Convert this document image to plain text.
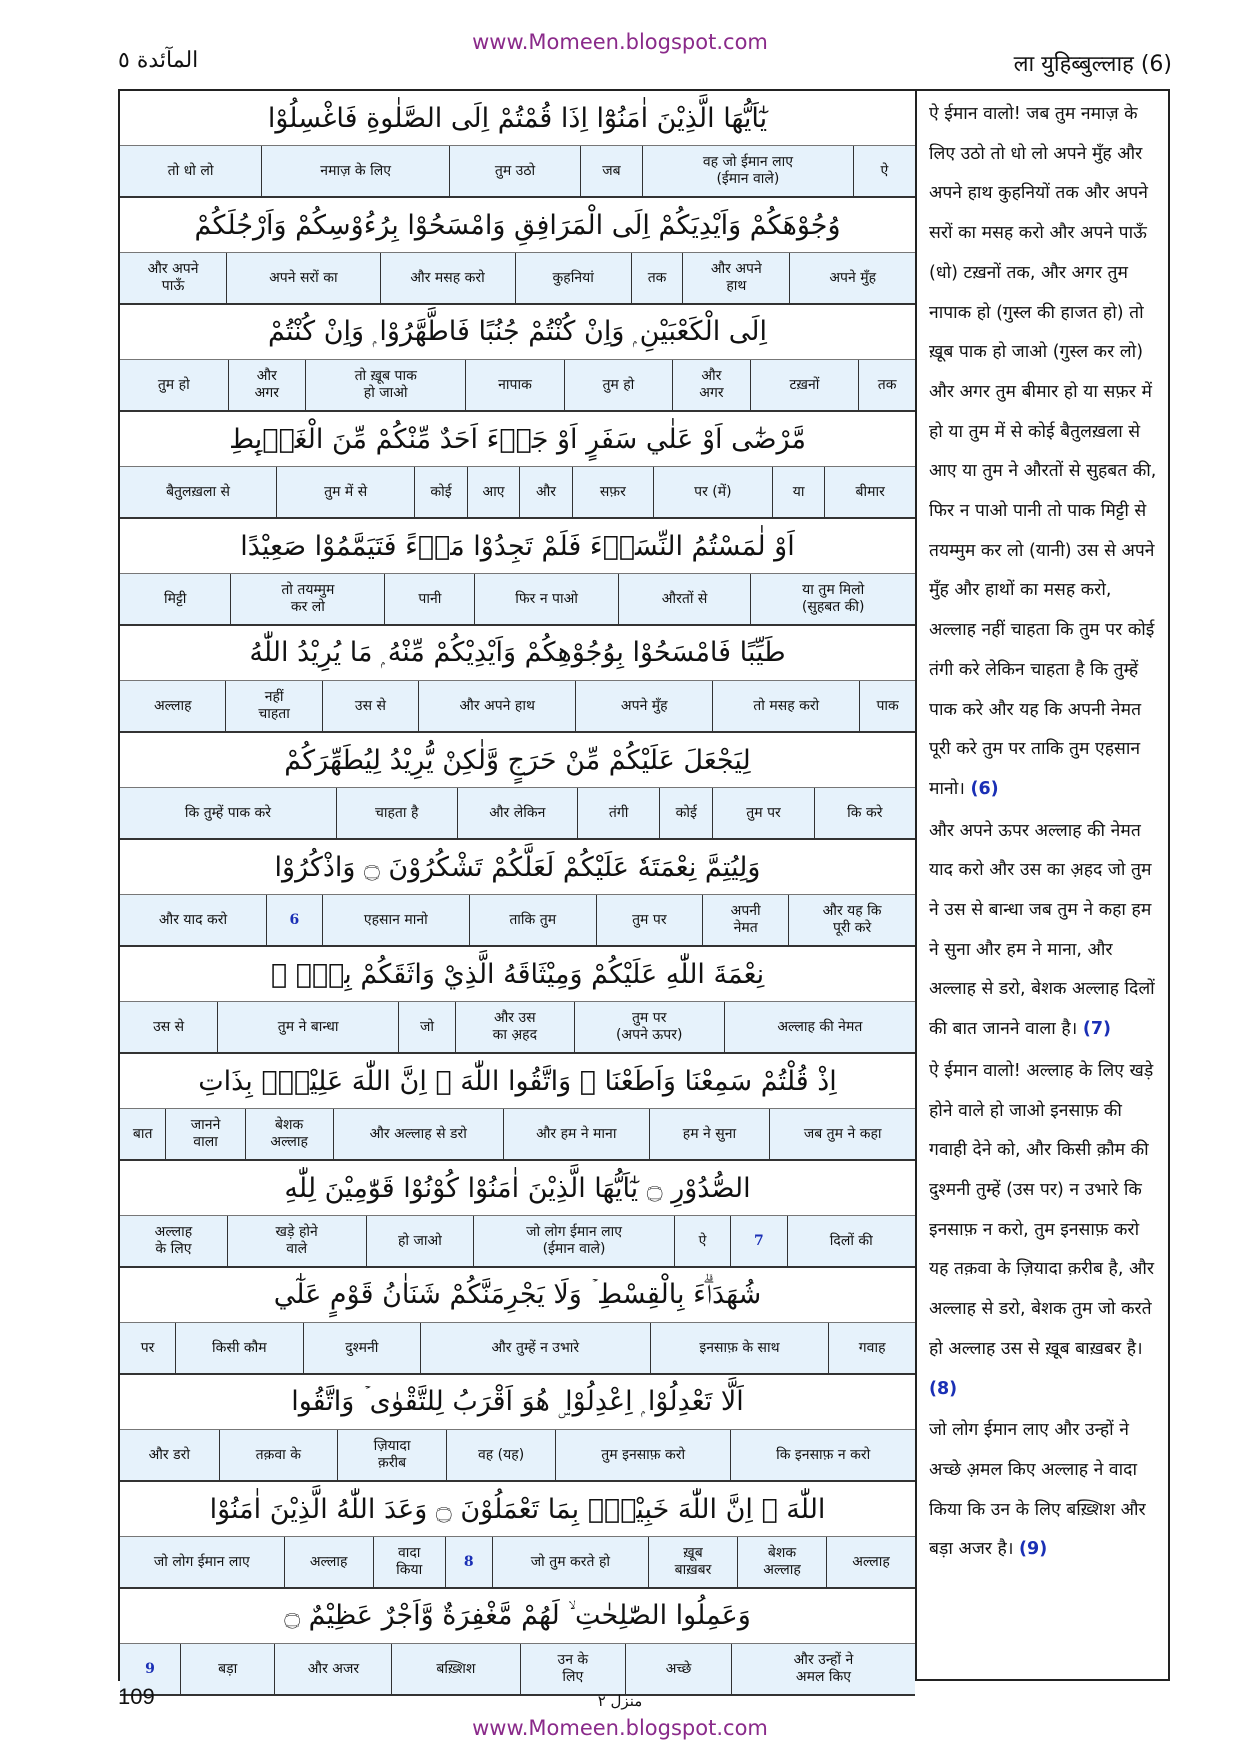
www.Momeen.blogspot.com
المآئدة ٥	ला युहिब्बुल्लाह (6)
يٰٓاَيُّهَا الَّذِيْنَ اٰمَنُوْٓا اِذَا قُمْتُمْ اِلَى الصَّلٰوةِ فَاغْسِلُوْا
ऐ
वह जो ईमान लाए
(ईमान वाले)
जब
तुम उठो
नमाज़ के लिए
तो धो लो
وُجُوْهَكُمْ وَاَيْدِيَكُمْ اِلَى الْمَرَافِقِ وَامْسَحُوْا بِرُءُوْسِكُمْ وَاَرْجُلَكُمْ
अपने मुँह
और अपने
हाथ
तक
कुहनियां
और मसह करो
अपने सरों का
और अपने
पाऊँ
اِلَى الْكَعْبَيْنِ ۭ وَاِنْ كُنْتُمْ جُنُبًا فَاطَّهَّرُوْا ۭ وَاِنْ كُنْتُمْ
तक
टख़नों
और
अगर
तुम हो
नापाक
तो ख़ूब पाक
हो जाओ
और
अगर
तुम हो
مَّرْضٰٓى اَوْ عَلٰي سَفَرٍ اَوْ جَاۗءَ اَحَدٌ مِّنْكُمْ مِّنَ الْغَاۗىِٕطِ
बीमार
या
पर (में)
सफ़र
और
आए
कोई
तुम में से
बैतुलख़ला से
اَوْ لٰمَسْتُمُ النِّسَاۗءَ فَلَمْ تَجِدُوْا مَاۗءً فَتَيَمَّمُوْا صَعِيْدًا
या तुम मिलो
(सुहबत की)
औरतों से
फिर न पाओ
पानी
तो तयम्मुम
कर लो
मिट्टी
طَيِّبًا فَامْسَحُوْا بِوُجُوْهِكُمْ وَاَيْدِيْكُمْ مِّنْهُ ۭ مَا يُرِيْدُ اللّٰهُ
पाक
तो मसह करो
अपने मुँह
और अपने हाथ
उस से
नहीं
चाहता
अल्लाह
لِيَجْعَلَ عَلَيْكُمْ مِّنْ حَرَجٍ وَّلٰكِنْ يُّرِيْدُ لِيُطَهِّرَكُمْ
कि करे
तुम पर
कोई
तंगी
और लेकिन
चाहता है
कि तुम्हें पाक करे
وَلِيُتِمَّ نِعْمَتَهٗ عَلَيْكُمْ لَعَلَّكُمْ تَشْكُرُوْنَ ۝ وَاذْكُرُوْا
और यह कि
पूरी करे
अपनी
नेमत
तुम पर
ताकि तुम
एहसान मानो
6
और याद करो
نِعْمَةَ اللّٰهِ عَلَيْكُمْ وَمِيْثَاقَهُ الَّذِيْ وَاثَقَكُمْ بِهٖٓ ۙ
अल्लाह की नेमत
तुम पर
(अपने ऊपर)
और उस
का अ़हद
जो
तुम ने बान्धा
उस से
اِذْ قُلْتُمْ سَمِعْنَا وَاَطَعْنَا ۡ وَاتَّقُوا اللّٰهَ ۭ اِنَّ اللّٰهَ عَلِيْمٌۢ بِذَاتِ
जब तुम ने कहा
हम ने सुना
और हम ने माना
और अल्लाह से डरो
बेशक
अल्लाह
जानने
वाला
बात
الصُّدُوْرِ ۝ يٰٓاَيُّهَا الَّذِيْنَ اٰمَنُوْا كُوْنُوْا قَوّٰمِيْنَ لِلّٰهِ
दिलों की
7
ऐ
जो लोग ईमान लाए
(ईमान वाले)
हो जाओ
खड़े होने
वाले
अल्लाह
के लिए
شُهَدَاۗءَ بِالْقِسْطِ ۡ وَلَا يَجْرِمَنَّكُمْ شَنَاٰنُ قَوْمٍ عَلٰٓي
गवाह
इनसाफ़ के साथ
और तुम्हें न उभारे
दुश्मनी
किसी कौम
पर
اَلَّا تَعْدِلُوْا ۭ اِعْدِلُوْا ۣ هُوَ اَقْرَبُ لِلتَّقْوٰى ۡ وَاتَّقُوا
कि इनसाफ़ न करो
तुम इनसाफ़ करो
वह (यह)
ज़ियादा
क़रीब
तक़वा के
और डरो
اللّٰهَ ۭ اِنَّ اللّٰهَ خَبِيْرٌۢ بِمَا تَعْمَلُوْنَ ۝ وَعَدَ اللّٰهُ الَّذِيْنَ اٰمَنُوْا
अल्लाह
बेशक
अल्लाह
ख़ूब
बाख़बर
जो तुम करते हो
8
वादा
किया
अल्लाह
जो लोग ईमान लाए
وَعَمِلُوا الصّٰلِحٰتِ ۙ لَهُمْ مَّغْفِرَةٌ وَّاَجْرٌ عَظِيْمٌ ۝
और उन्हों ने
अमल किए
अच्छे
उन के
लिए
बख़्शिश
और अजर
बड़ा
9
ऐ ईमान वालो! जब तुम नमाज़ के लिए उठो तो धो लो अपने मुँह और अपने हाथ कुहनियों तक और अपने सरों का मसह करो और अपने पाऊँ (धो) टख़नों तक, और अगर तुम नापाक हो (गुस्ल की हाजत हो) तो ख़ूब पाक हो जाओ (गुस्ल कर लो) और अगर तुम बीमार हो या सफ़र में हो या तुम में से कोई बैतुलख़ला से आए या तुम ने औरतों से सुहबत की, फिर न पाओ पानी तो पाक मिट्टी से तयम्मुम कर लो (यानी) उस से अपने मुँह और हाथों का मसह करो, अल्लाह नहीं चाहता कि तुम पर कोई तंगी करे लेकिन चाहता है कि तुम्हें पाक करे और यह कि अपनी नेमत पूरी करे तुम पर ताकि तुम एहसान मानो। (6)
और अपने ऊपर अल्लाह की नेमत याद करो और उस का अ़हद जो तुम ने उस से बान्धा जब तुम ने कहा हम ने सुना और हम ने माना, और अल्लाह से डरो, बेशक अल्लाह दिलों की बात जानने वाला है। (7)
ऐ ईमान वालो! अल्लाह के लिए खड़े होने वाले हो जाओ इनसाफ़ की गवाही देने को, और किसी क़ौम की दुश्मनी तुम्हें (उस पर) न उभारे कि इनसाफ़ न करो, तुम इनसाफ़ करो यह तक़वा के ज़ियादा क़रीब है, और अल्लाह से डरो, बेशक तुम जो करते हो अल्लाह उस से ख़ूब बाख़बर है। (8)
जो लोग ईमान लाए और उन्हों ने अच्छे अ़मल किए अल्लाह ने वादा किया कि उन के लिए बख़्शिश और बड़ा अजर है। (9)
109	منزل ٢
www.Momeen.blogspot.com
